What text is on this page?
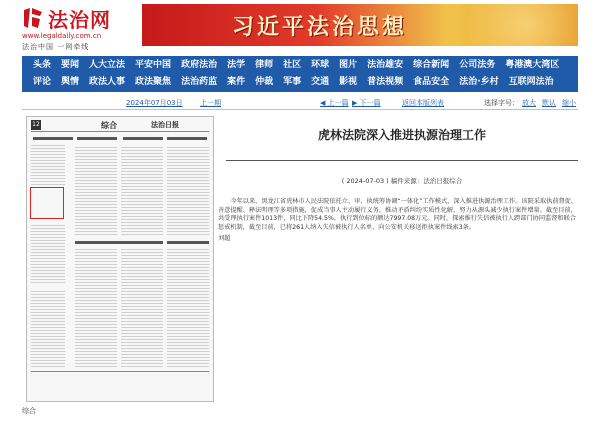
法治网
www.legaldaily.com.cn
法治中国 一网牵线
习近平法治思想
头条	要闻	人大立法	平安中国	政府法治	法学	律师	社区	环球	图片	法治雄安	综合新闻	公司法务	粤港澳大湾区
评论	舆情	政法人事	政法聚焦	法治药监	案件	仲裁	军事	交通	影视	普法视频	食品安全	法治·乡村	互联网法治
2024年07月03日 上一期	◀ 上一篇 ▶ 下一篇	返回本版列表	选择字号： 放大 默认 缩小
12	综合	法治日报
虎林法院深入推进执源治理工作
( 2024-07-03 ) 稿件来源：法治日报综合

今年以来，黑龙江省虎林市人民法院依托立、审、执统筹协调“一体化”工作模式，深入推进执源治理工作。该院采取执前督促、善意提醒、释法明理等多项措施，促成当事人主动履行义务，推动矛盾纠纷实质性化解，努力从源头减少执行案件增量。截至目前，共受理执行案件1013件，同比下降54.5%，执行到位标的额达7997.08万元。同时，探索推行失信被执行人跨部门协同监督和联合惩戒机制，截至目前，已将261人纳入失信被执行人名单，向公安机关移送拒执案件线索3条。

刘超
综合
